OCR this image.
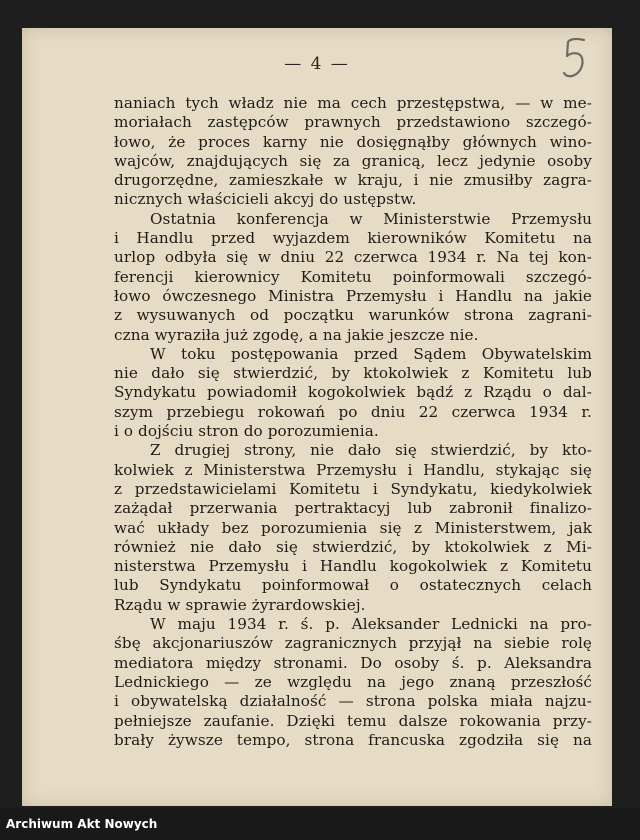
— 4 —
naniach tych władz nie ma cech przestępstwa, — w me-
moriałach zastępców prawnych przedstawiono szczegó-
łowo, że proces karny nie dosięgnąłby głównych wino-
wajców, znajdujących się za granicą, lecz jedynie osoby
drugorzędne, zamieszkałe w kraju, i nie zmusiłby zagra-
nicznych właścicieli akcyj do ustępstw.
Ostatnia konferencja w Ministerstwie Przemysłu
i Handlu przed wyjazdem kierowników Komitetu na
urlop odbyła się w dniu 22 czerwca 1934 r. Na tej kon-
ferencji kierownicy Komitetu poinformowali szczegó-
łowo ówczesnego Ministra Przemysłu i Handlu na jakie
z wysuwanych od początku warunków strona zagrani-
czna wyraziła już zgodę, a na jakie jeszcze nie.
W toku postępowania przed Sądem Obywatelskim
nie dało się stwierdzić, by ktokolwiek z Komitetu lub
Syndykatu powiadomił kogokolwiek bądź z Rządu o dal-
szym przebiegu rokowań po dniu 22 czerwca 1934 r.
i o dojściu stron do porozumienia.
Z drugiej strony, nie dało się stwierdzić, by kto-
kolwiek z Ministerstwa Przemysłu i Handlu, stykając się
z przedstawicielami Komitetu i Syndykatu, kiedykolwiek
zażądał przerwania pertraktacyj lub zabronił finalizo-
wać układy bez porozumienia się z Ministerstwem, jak
również nie dało się stwierdzić, by ktokolwiek z Mi-
nisterstwa Przemysłu i Handlu kogokolwiek z Komitetu
lub Syndykatu poinformował o ostatecznych celach
Rządu w sprawie żyrardowskiej.
W maju 1934 r. ś. p. Aleksander Lednicki na pro-
śbę akcjonariuszów zagranicznych przyjął na siebie rolę
mediatora między stronami. Do osoby ś. p. Aleksandra
Lednickiego — ze względu na jego znaną przeszłość
i obywatelską działalność — strona polska miała najzu-
pełniejsze zaufanie. Dzięki temu dalsze rokowania przy-
brały żywsze tempo, strona francuska zgodziła się na
Archiwum Akt Nowych
